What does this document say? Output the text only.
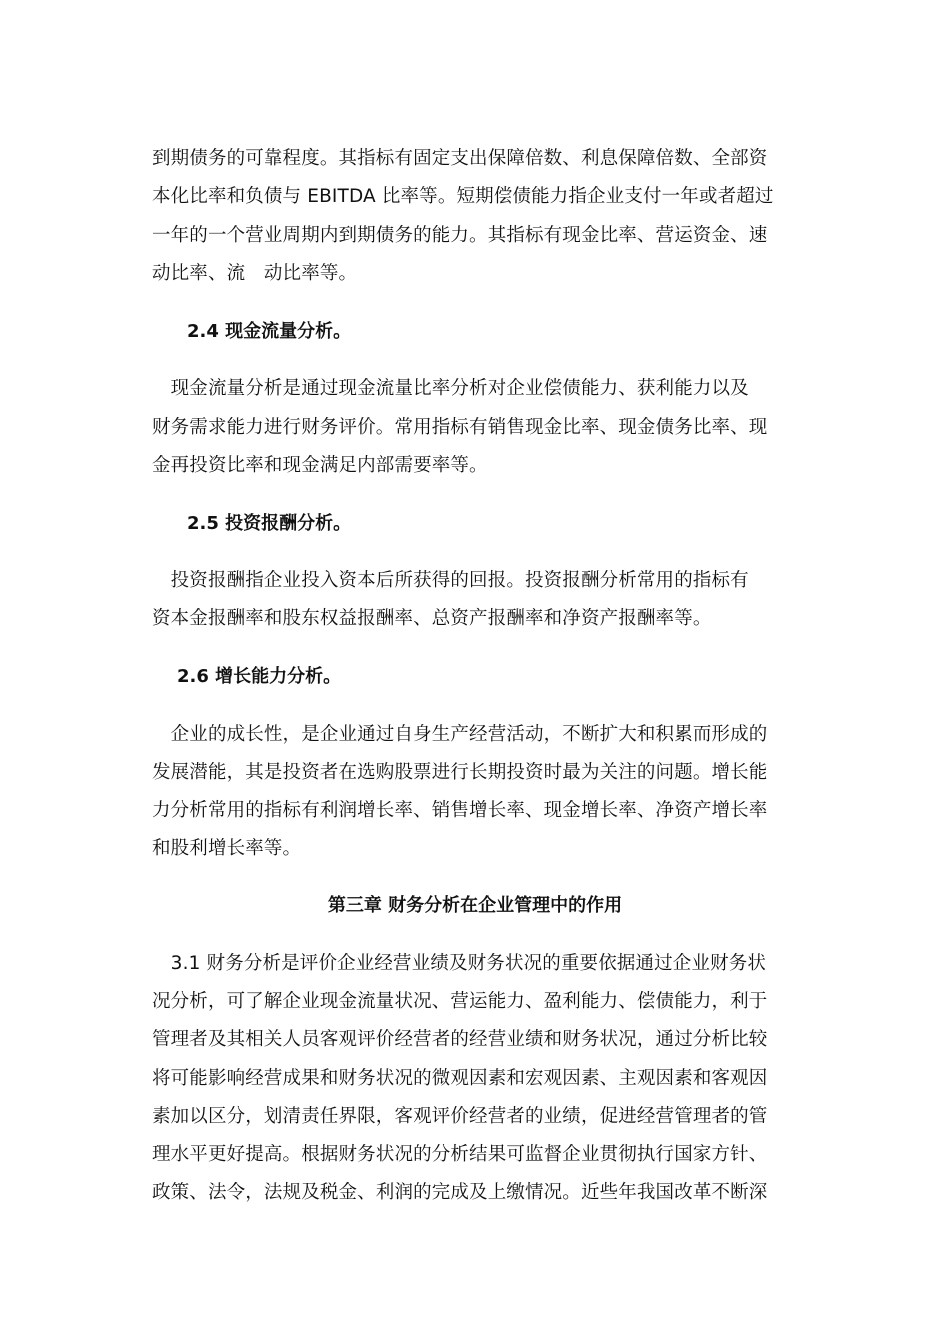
到期债务的可靠程度。其指标有固定支出保障倍数、利息保障倍数、全部资
本化比率和负债与 EBITDA 比率等。短期偿债能力指企业支付一年或者超过
一年的一个营业周期内到期债务的能力。其指标有现金比率、营运资金、速
动比率、流　动比率等。
2.4 现金流量分析。
　现金流量分析是通过现金流量比率分析对企业偿债能力、获利能力以及
财务需求能力进行财务评价。常用指标有销售现金比率、现金债务比率、现
金再投资比率和现金满足内部需要率等。
2.5 投资报酬分析。
　投资报酬指企业投入资本后所获得的回报。投资报酬分析常用的指标有
资本金报酬率和股东权益报酬率、总资产报酬率和净资产报酬率等。
2.6 增长能力分析。
　企业的成长性，是企业通过自身生产经营活动，不断扩大和积累而形成的
发展潜能，其是投资者在选购股票进行长期投资时最为关注的问题。增长能
力分析常用的指标有利润增长率、销售增长率、现金增长率、净资产增长率
和股利增长率等。
第三章 财务分析在企业管理中的作用
　3.1 财务分析是评价企业经营业绩及财务状况的重要依据通过企业财务状
况分析，可了解企业现金流量状况、营运能力、盈利能力、偿债能力，利于
管理者及其相关人员客观评价经营者的经营业绩和财务状况，通过分析比较
将可能影响经营成果和财务状况的微观因素和宏观因素、主观因素和客观因
素加以区分，划清责任界限，客观评价经营者的业绩，促进经营管理者的管
理水平更好提高。根据财务状况的分析结果可监督企业贯彻执行国家方针、
政策、法令，法规及税金、利润的完成及上缴情况。近些年我国改革不断深
